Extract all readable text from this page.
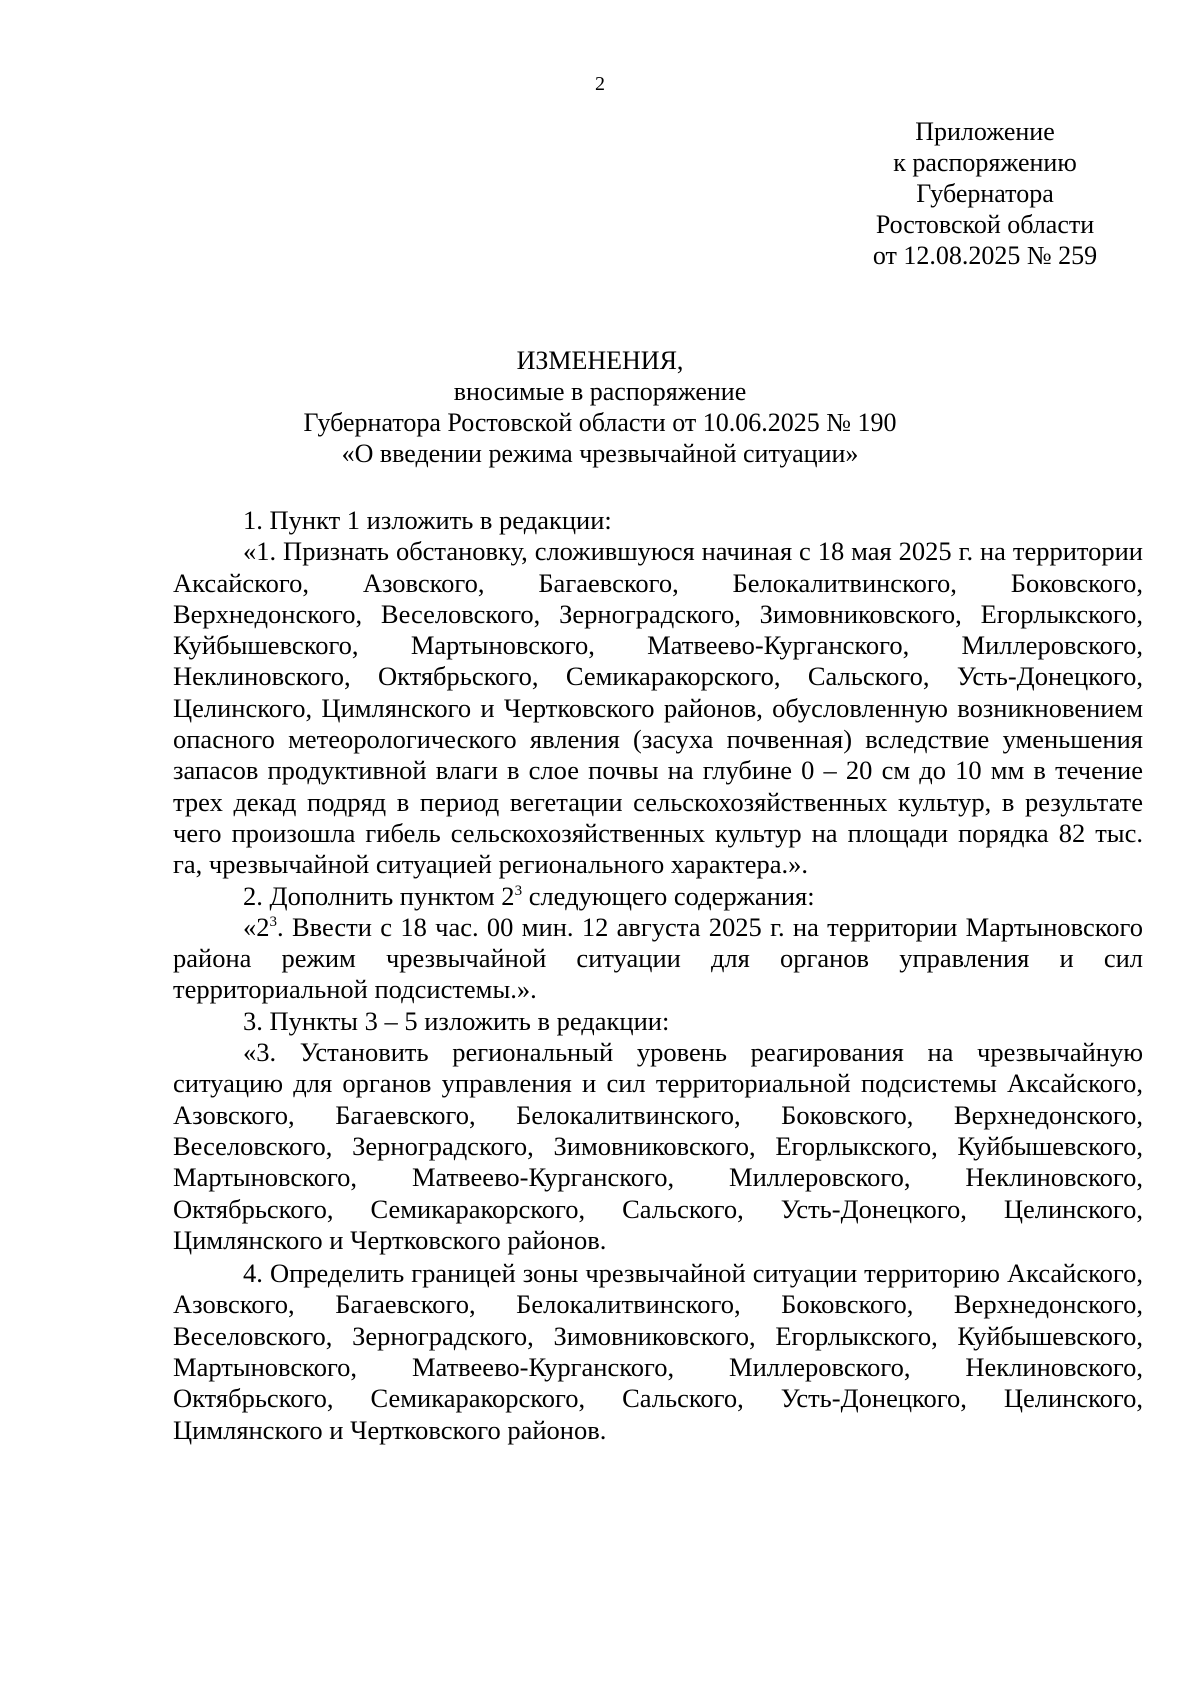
2
Приложение
к распоряжению
Губернатора
Ростовской области
от 12.08.2025 № 259
ИЗМЕНЕНИЯ,
вносимые в распоряжение
Губернатора Ростовской области от 10.06.2025 № 190
«О введении режима чрезвычайной ситуации»

1. Пункт 1 изложить в редакции:

«1. Признать обстановку, сложившуюся начиная с 18 мая 2025 г. на территории Аксайского, Азовского, Багаевского, Белокалитвинского, Боковского, Верхнедонского, Веселовского, Зерноградского, Зимовниковского, Егорлыкского, Куйбышевского, Мартыновского, Матвеево-Курганского, Миллеровского, Неклиновского, Октябрьского, Семикаракорского, Сальского, Усть-Донецкого, Целинского, Цимлянского и Чертковского районов, обусловленную возникновением опасного метеорологического явления (засуха почвенная) вследствие уменьшения запасов продуктивной влаги в слое почвы на глубине 0 – 20 см до 10 мм в течение трех декад подряд в период вегетации сельскохозяйственных культур, в результате чего произошла гибель сельскохозяйственных культур на площади порядка 82 тыс. га, чрезвычайной ситуацией регионального характера.».

2. Дополнить пунктом $2^3$ следующего содержания:

«$2^3$. Ввести с 18 час. 00 мин. 12 августа 2025 г. на территории Мартыновского района режим чрезвычайной ситуации для органов управления и сил территориальной подсистемы.».

3. Пункты 3 – 5 изложить в редакции:

«3. Установить региональный уровень реагирования на чрезвычайную ситуацию для органов управления и сил территориальной подсистемы Аксайского, Азовского, Багаевского, Белокалитвинского, Боковского, Верхнедонского, Веселовского, Зерноградского, Зимовниковского, Егорлыкского, Куйбышевского, Мартыновского, Матвеево-Курганского, Миллеровского, Неклиновского, Октябрьского, Семикаракорского, Сальского, Усть-Донецкого, Целинского, Цимлянского и Чертковского районов.

4. Определить границей зоны чрезвычайной ситуации территорию Аксайского, Азовского, Багаевского, Белокалитвинского, Боковского, Верхнедонского, Веселовского, Зерноградского, Зимовниковского, Егорлыкского, Куйбышевского, Мартыновского, Матвеево-Курганского, Миллеровского, Неклиновского, Октябрьского, Семикаракорского, Сальского, Усть-Донецкого, Целинского, Цимлянского и Чертковского районов.
